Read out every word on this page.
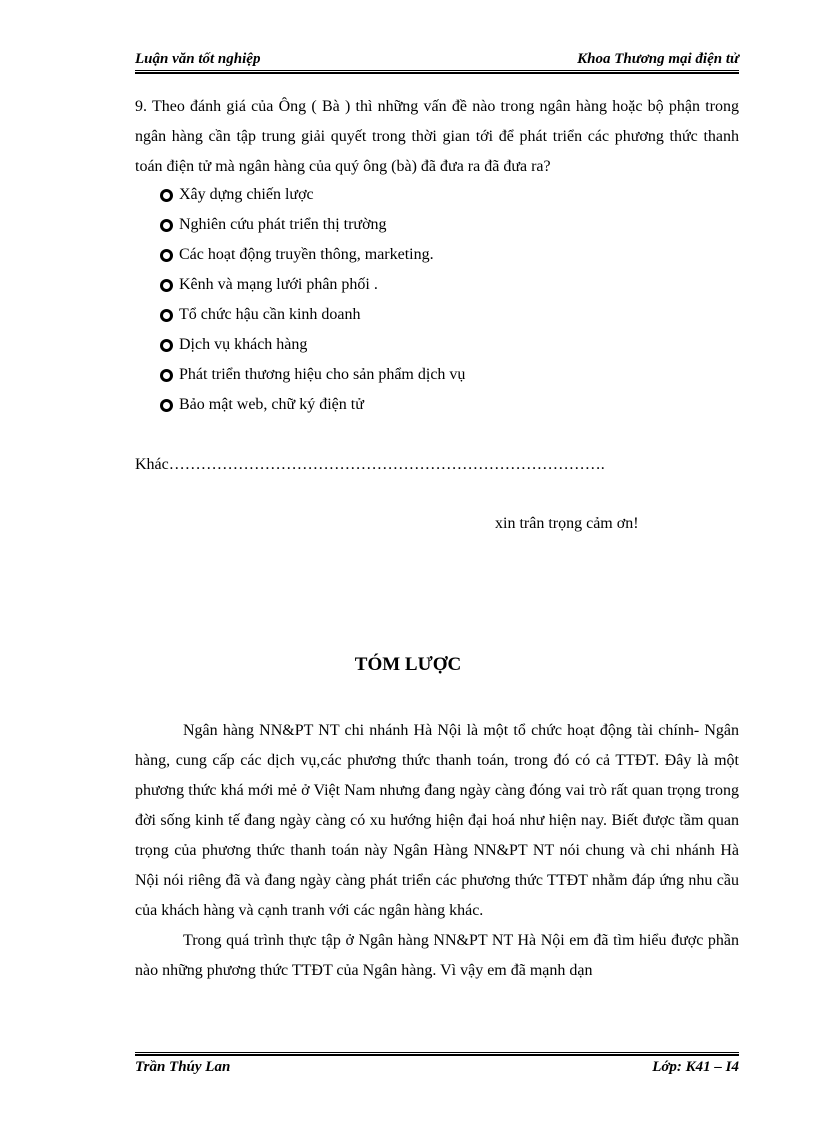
Luận văn tốt nghiệp	Khoa Thương mại điện tử
9. Theo đánh giá của Ông ( Bà ) thì những vấn đề nào trong ngân hàng hoặc bộ phận trong ngân hàng cần tập trung giải quyết trong thời gian tới để phát triển các phương thức thanh toán điện tử mà ngân hàng của quý ông (bà) đã đưa ra đã đưa ra?
Xây dựng chiến lược
Nghiên cứu phát triển thị trường
Các hoạt động truyền thông, marketing.
Kênh và mạng lưới phân phối .
Tổ chức hậu cần kinh doanh
Dịch vụ khách hàng
Phát triển thương hiệu cho sản phẩm dịch vụ
Bảo mật web, chữ ký điện tử
Khác……………………………………………………………………….
xin trân trọng cảm ơn!
TÓM LƯỢC

Ngân hàng NN&PT NT chi nhánh Hà Nội là một tổ chức hoạt động tài chính- Ngân hàng, cung cấp các dịch vụ,các phương thức thanh toán, trong đó có cả TTĐT. Đây là một phương thức khá mới mẻ ở Việt Nam nhưng đang ngày càng đóng vai trò rất quan trọng trong đời sống kinh tế đang ngày càng có xu hướng hiện đại hoá như hiện nay. Biết được tầm quan trọng của phương thức thanh toán này Ngân Hàng NN&PT NT nói chung và chi nhánh Hà Nội nói riêng đã và đang ngày càng phát triển các phương thức TTĐT nhằm đáp ứng nhu cầu của khách hàng và cạnh tranh với các ngân hàng khác.

Trong quá trình thực tập ở Ngân hàng NN&PT NT Hà Nội em đã tìm hiểu được phần nào những phương thức TTĐT của Ngân hàng. Vì vậy em đã mạnh dạn

Trần Thúy Lan	Lớp: K41 – I4
